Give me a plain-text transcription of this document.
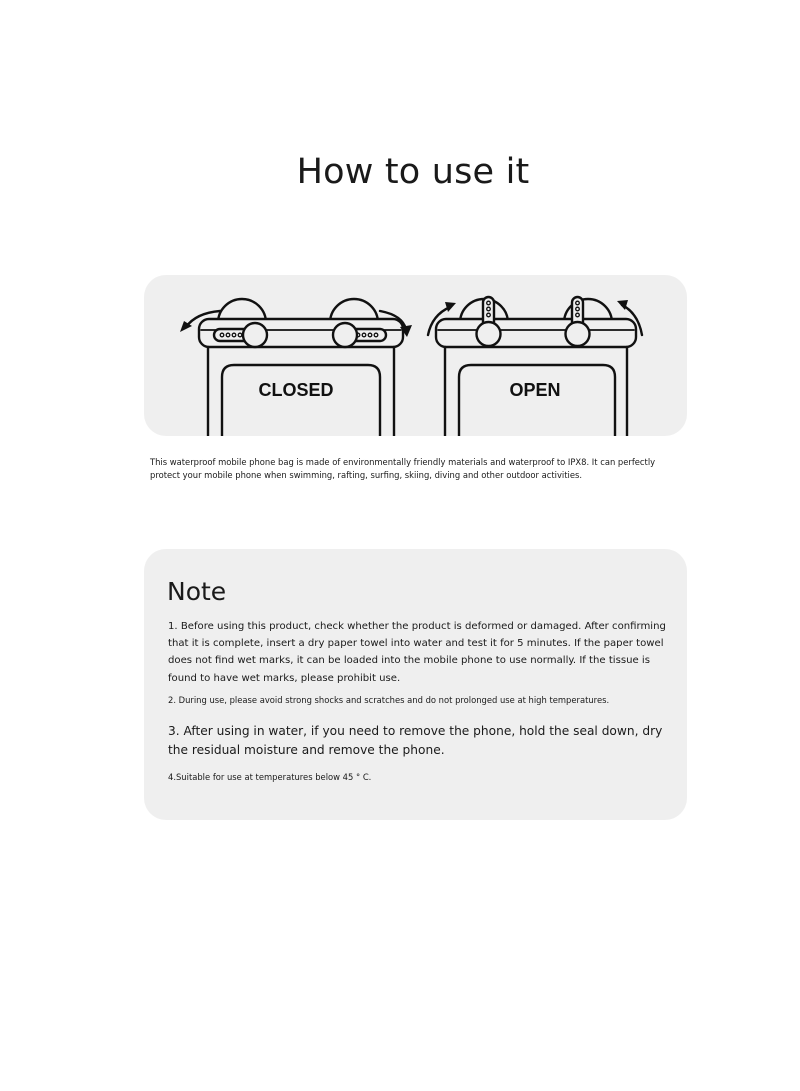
How to use it
CLOSED	OPEN
This waterproof mobile phone bag is made of environmentally friendly materials and waterproof to IPX8. It can perfectly protect your mobile phone when swimming, rafting, surfing, skiing, diving and other outdoor activities.
Note
1. Before using this product, check whether the product is deformed or damaged. After confirming that it is complete, insert a dry paper towel into water and test it for 5 minutes. If the paper towel does not find wet marks, it can be loaded into the mobile phone to use normally. If the tissue is found to have wet marks, please prohibit use.
2. During use, please avoid strong shocks and scratches and do not prolonged use at high temperatures.
3. After using in water, if you need to remove the phone, hold the seal down, dry the residual moisture and remove the phone.
4.Suitable for use at temperatures below 45 ° C.
